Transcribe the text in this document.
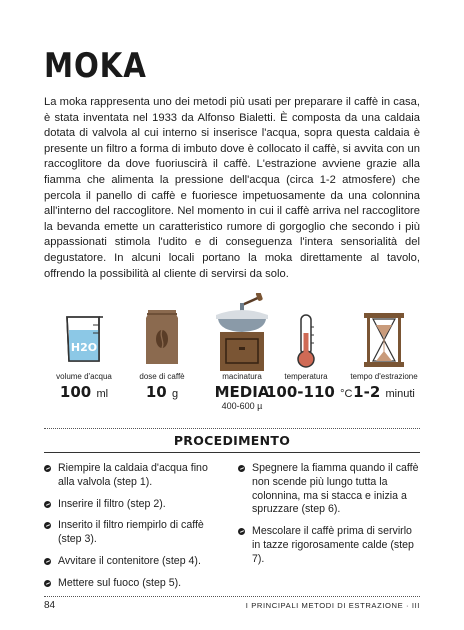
MOKA

La moka rappresenta uno dei metodi più usati per preparare il caffè in casa, è stata inventata nel 1933 da Alfonso Bialetti. È composta da una caldaia dotata di valvola al cui interno si inserisce l'acqua, sopra questa caldaia è presente un filtro a forma di imbuto dove è collocato il caffè, si avvita con un raccoglitore da dove fuoriuscirà il caffè. L'estrazione avviene grazie alla fiamma che alimenta la pressione dell'acqua (circa 1-2 atmosfere) che percola il panello di caffè e fuoriesce impetuosamente da una colonnina all'interno del raccoglitore. Nel momento in cui il caffè arriva nel raccoglitore la bevanda emette un caratteristico rumore di gorgoglio che secondo i più appassionati stimola l'udito e di conseguenza l'intera sensorialità del degustatore. In alcuni locali portano la moka direttamente al tavolo, offrendo la possibilità al cliente di servirsi da solo.

H2O
volume d'acqua	dose di caffè	macinatura	temperatura	tempo d'estrazione
100 ml	10 g	MEDIA
400-600 µ
100-110 °C 1-2 minuti
PROCEDIMENTO
Riempire la caldaia d'acqua fino alla valvola (step 1).
Inserire il filtro (step 2).
Inserito il filtro riempirlo di caffè (step 3).
Avvitare il contenitore (step 4).
Mettere sul fuoco (step 5).
Spegnere la fiamma quando il caffè non scende più lungo tutta la colonnina, ma si stacca e inizia a spruzzare (step 6).
Mescolare il caffè prima di servirlo in tazze rigorosamente calde (step 7).
84	I PRINCIPALI METODI DI ESTRAZIONE · III
